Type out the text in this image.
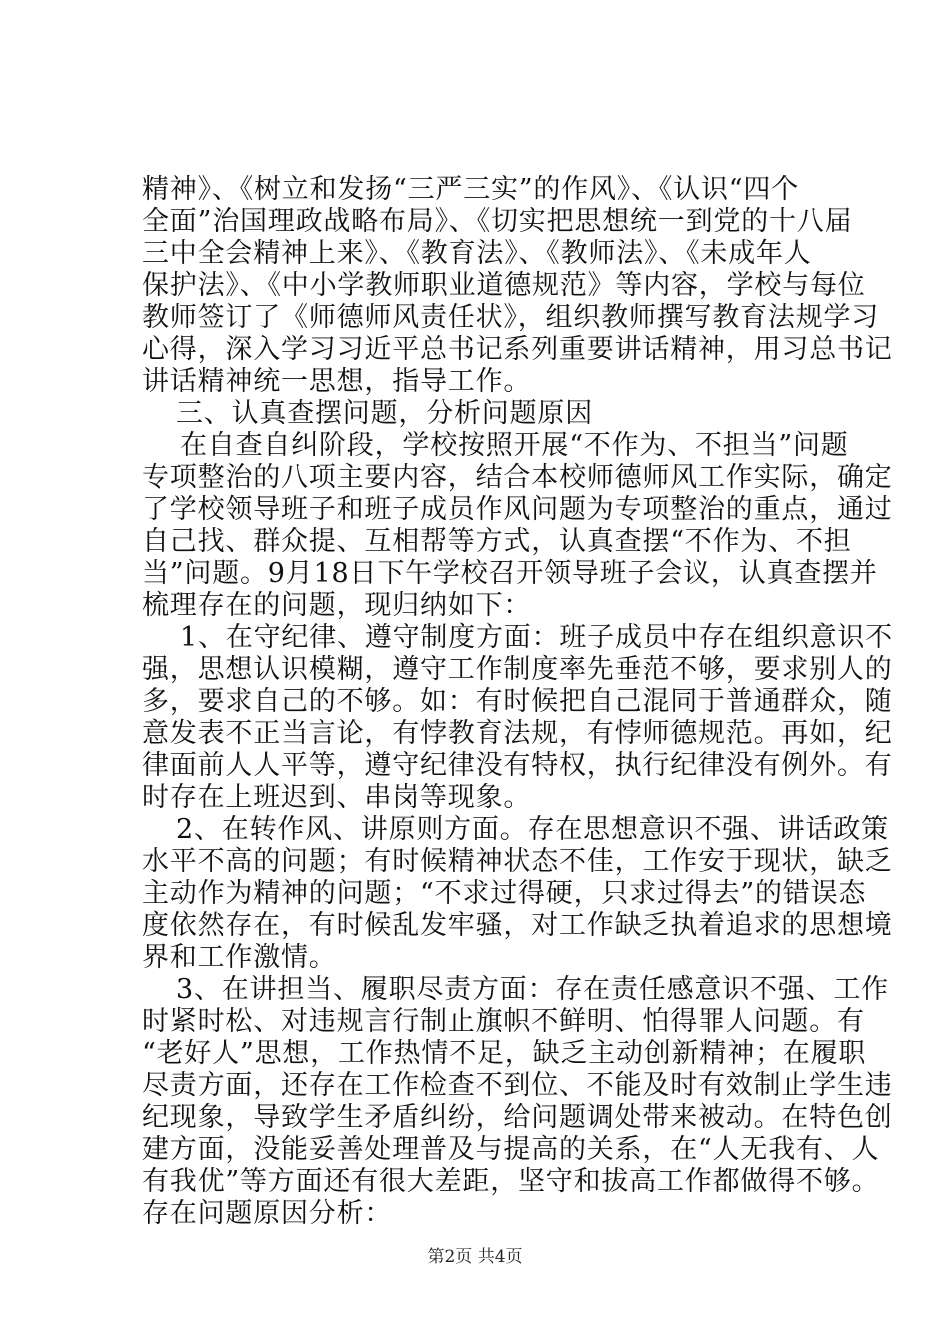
精神》、《树立和发扬“三严三实”的作风》、《认识“四个
全面”治国理政战略布局》、《切实把思想统一到党的十八届
三中全会精神上来》、《教育法》、《教师法》、《未成年人
保护法》、《中小学教师职业道德规范》等内容，学校与每位
教师签订了《师德师风责任状》，组织教师撰写教育法规学习
心得，深入学习习近平总书记系列重要讲话精神，用习总书记
讲话精神统一思想，指导工作。
三、认真查摆问题，分析问题原因
在自查自纠阶段，学校按照开展“不作为、不担当”问题
专项整治的八项主要内容，结合本校师德师风工作实际，确定
了学校领导班子和班子成员作风问题为专项整治的重点，通过
自己找、群众提、互相帮等方式，认真查摆“不作为、不担
当”问题。9月18日下午学校召开领导班子会议，认真查摆并
梳理存在的问题，现归纳如下：
1、在守纪律、遵守制度方面：班子成员中存在组织意识不
强，思想认识模糊，遵守工作制度率先垂范不够，要求别人的
多，要求自己的不够。如：有时候把自己混同于普通群众，随
意发表不正当言论，有悖教育法规，有悖师德规范。再如，纪
律面前人人平等，遵守纪律没有特权，执行纪律没有例外。有
时存在上班迟到、串岗等现象。
2、在转作风、讲原则方面。存在思想意识不强、讲话政策
水平不高的问题；有时候精神状态不佳，工作安于现状，缺乏
主动作为精神的问题；“不求过得硬，只求过得去”的错误态
度依然存在，有时候乱发牢骚，对工作缺乏执着追求的思想境
界和工作激情。
3、在讲担当、履职尽责方面：存在责任感意识不强、工作
时紧时松、对违规言行制止旗帜不鲜明、怕得罪人问题。有
“老好人”思想，工作热情不足，缺乏主动创新精神；在履职
尽责方面，还存在工作检查不到位、不能及时有效制止学生违
纪现象，导致学生矛盾纠纷，给问题调处带来被动。在特色创
建方面，没能妥善处理普及与提高的关系，在“人无我有、人
有我优”等方面还有很大差距，坚守和拔高工作都做得不够。
存在问题原因分析：
第2页 共4页
